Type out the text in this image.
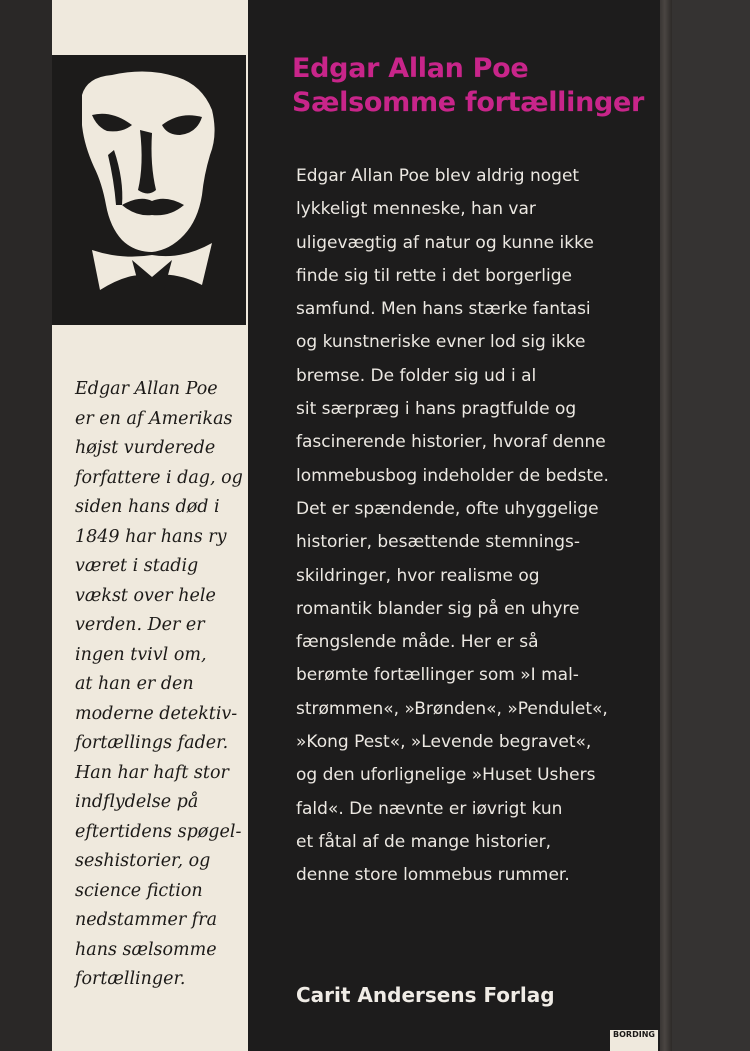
Edgar Allan Poe
er en af Amerikas
højst vurderede
forfattere i dag, og
siden hans død i
1849 har hans ry
været i stadig
vækst over hele
verden. Der er
ingen tvivl om,
at han er den
moderne detektiv-
fortællings fader.
Han har haft stor
indflydelse på
eftertidens spøgel-
seshistorier, og
science fiction
nedstammer fra
hans sælsomme
fortællinger.
Edgar Allan Poe
Sælsomme fortællinger
Edgar Allan Poe blev aldrig noget
lykkeligt menneske, han var
uligevægtig af natur og kunne ikke
finde sig til rette i det borgerlige
samfund. Men hans stærke fantasi
og kunstneriske evner lod sig ikke
bremse. De folder sig ud i al
sit særpræg i hans pragtfulde og
fascinerende historier, hvoraf denne
lommebusbog indeholder de bedste.
Det er spændende, ofte uhyggelige
historier, besættende stemnings-
skildringer, hvor realisme og
romantik blander sig på en uhyre
fængslende måde. Her er så
berømte fortællinger som »I mal-
strømmen«, »Brønden«, »Pendulet«,
»Kong Pest«, »Levende begravet«,
og den uforlignelige »Huset Ushers
fald«. De nævnte er iøvrigt kun
et fåtal af de mange historier,
denne store lommebus rummer.
Carit Andersens Forlag
BORDING
